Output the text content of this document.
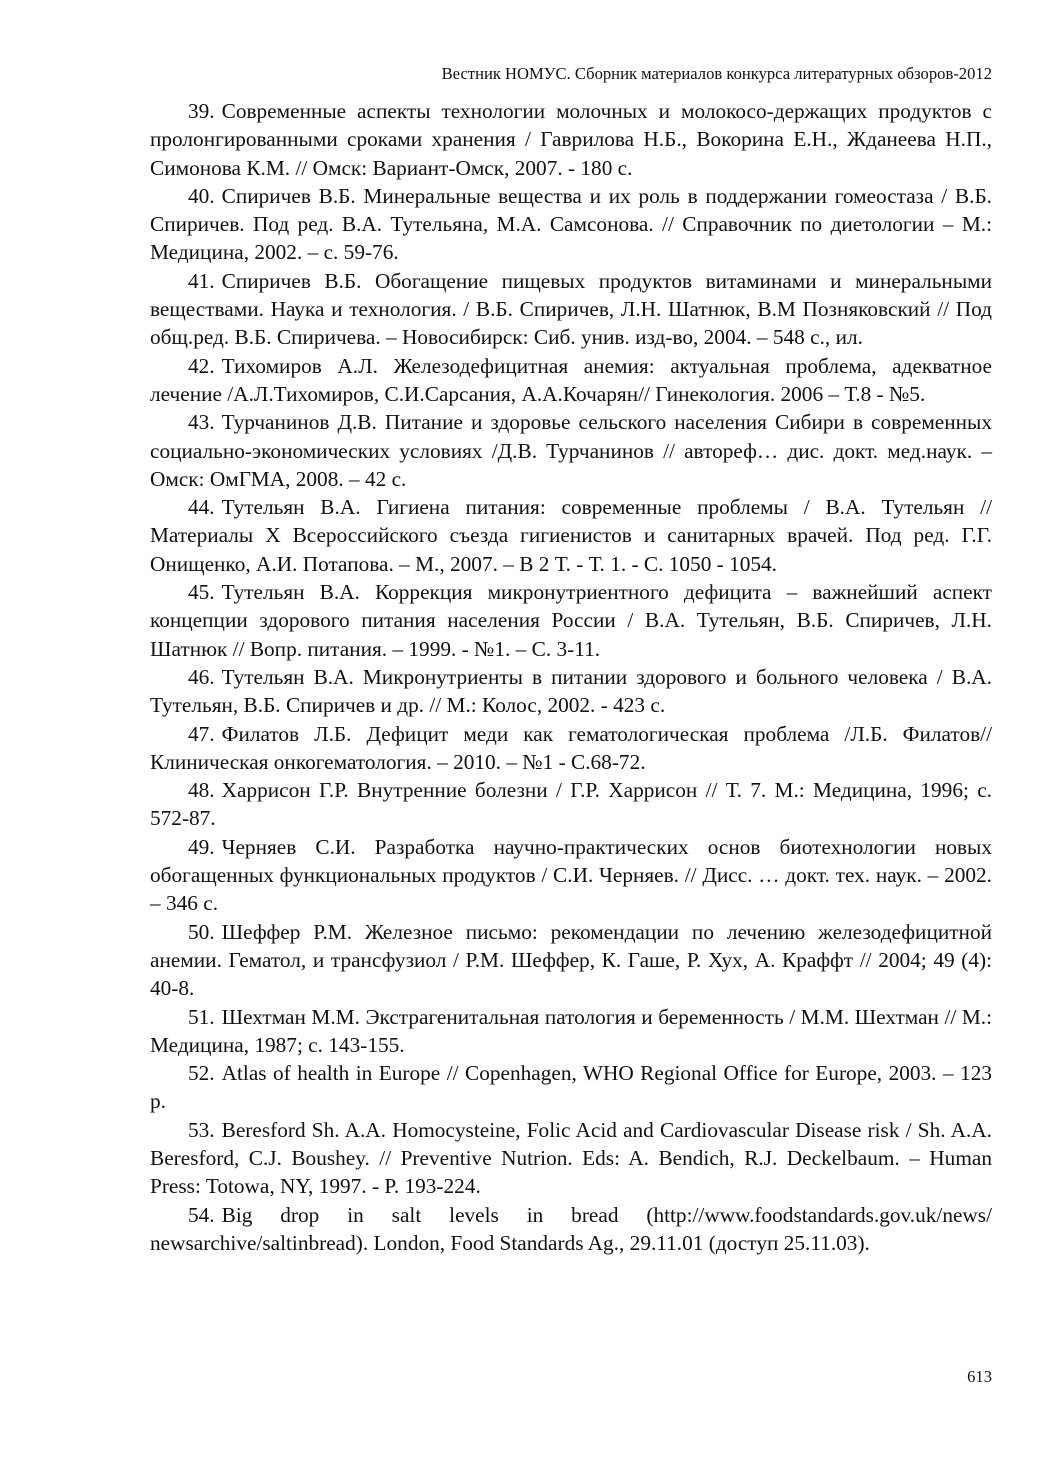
Вестник НОМУС. Сборник материалов конкурса литературных обзоров-2012
39. Современные аспекты технологии молочных и молокосо-держащих продуктов с пролонгированными сроками хранения / Гаврилова Н.Б., Вокорина Е.Н., Жданеева Н.П., Симонова К.М. // Омск: Вариант-Омск, 2007. - 180 с.
40. Спиричев В.Б. Минеральные вещества и их роль в поддержании гомеостаза / В.Б. Спиричев. Под ред. В.А. Тутельяна, М.А. Самсонова. // Справочник по диетологии – М.: Медицина, 2002. – с. 59-76.
41. Спиричев В.Б. Обогащение пищевых продуктов витаминами и минеральными веществами. Наука и технология. / В.Б. Спиричев, Л.Н. Шатнюк, В.М Позняковский // Под общ.ред. В.Б. Спиричева. – Новосибирск: Сиб. унив. изд-во, 2004. – 548 с., ил.
42. Тихомиров А.Л. Железодефицитная анемия: актуальная проблема, адекватное лечение /А.Л.Тихомиров, С.И.Сарсания, А.А.Кочарян// Гинекология. 2006 – Т.8 - №5.
43. Турчанинов Д.В. Питание и здоровье сельского населения Сибири в современных социально-экономических условиях /Д.В. Турчанинов // автореф… дис. докт. мед.наук. – Омск: ОмГМА, 2008. – 42 с.
44. Тутельян В.А. Гигиена питания: современные проблемы / В.А. Тутельян // Материалы X Всероссийского съезда гигиенистов и санитарных врачей. Под ред. Г.Г. Онищенко, А.И. Потапова. – М., 2007. – В 2 Т. - Т. 1. - С. 1050 - 1054.
45. Тутельян В.А. Коррекция микронутриентного дефицита – важнейший аспект концепции здорового питания населения России / В.А. Тутельян, В.Б. Спиричев, Л.Н. Шатнюк // Вопр. питания. – 1999. - №1. – С. 3-11.
46. Тутельян В.А. Микронутриенты в питании здорового и больного человека / В.А. Тутельян, В.Б. Спиричев и др. // М.: Колос, 2002. - 423 с.
47. Филатов Л.Б. Дефицит меди как гематологическая проблема /Л.Б. Филатов// Клиническая онкогематология. – 2010. – №1 - С.68-72.
48. Харрисон Г.Р. Внутренние болезни / Г.Р. Харрисон // Т. 7. М.: Медицина, 1996; с. 572-87.
49. Черняев С.И. Разработка научно-практических основ биотехнологии новых обогащенных функциональных продуктов / С.И. Черняев. // Дисс. … докт. тех. наук. – 2002. – 346 с.
50. Шеффер Р.М. Железное письмо: рекомендации по лечению железодефицитной анемии. Гематол, и трансфузиол / Р.М. Шеффер, К. Гаше, Р. Хух, А. Краффт // 2004; 49 (4): 40-8.
51. Шехтман М.М. Экстрагенитальная патология и беременность / М.М. Шехтман // М.: Медицина, 1987; с. 143-155.
52. Atlas of health in Europe // Copenhagen, WHO Regional Office for Europe, 2003. – 123 p.
53. Beresford Sh. A.A. Homocysteine, Folic Acid and Cardiovascular Disease risk / Sh. A.A. Beresford, C.J. Boushey. // Preventive Nutrion. Eds: A. Bendich, R.J. Deckelbaum. – Human Press: Totowa, NY, 1997. - P. 193-224.
54. Big drop in salt levels in bread (http://www.foodstandards.gov.uk/news/ newsarchive/saltinbread). London, Food Standards Ag., 29.11.01 (доступ 25.11.03).
613
